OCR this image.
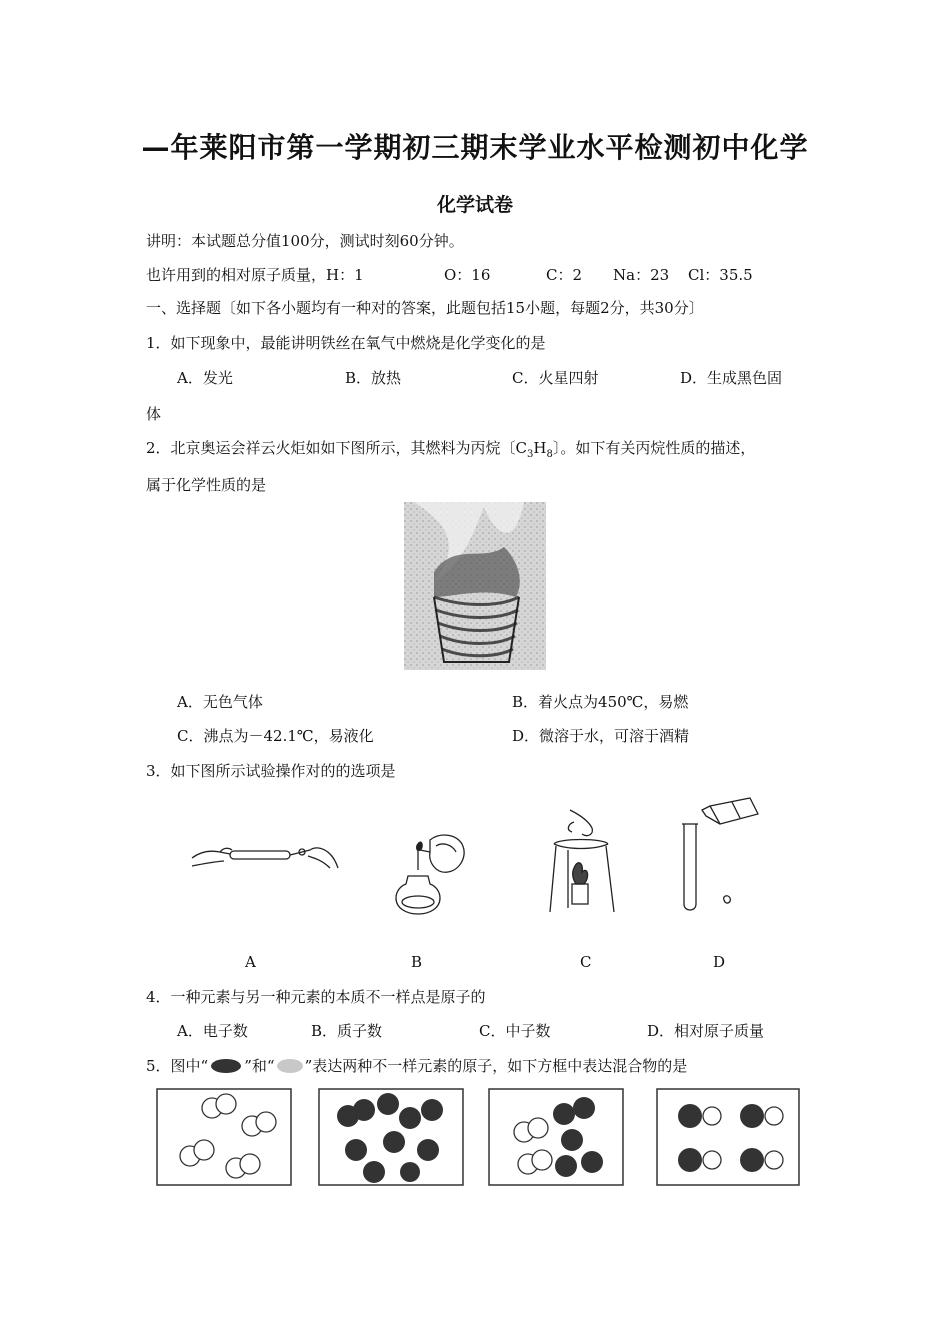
—年莱阳市第一学期初三期末学业水平检测初中化学
化学试卷
讲明：本试题总分值100分，测试时刻60分钟。
也许用到的相对原子质量，H：1	O：16	C：2 Na：23 Cl：35.5
一、选择题〔如下各小题均有一种对的答案，此题包括15小题，每题2分，共30分〕
1．如下现象中，最能讲明铁丝在氧气中燃烧是化学变化的是
A．发光	B．放热	C．火星四射	D．生成黑色固
体
2．北京奥运会祥云火炬如如下图所示，其燃料为丙烷〔$C_3H_8$〕。如下有关丙烷性质的描述，
属于化学性质的是
A．无色气体	B．着火点为450℃，易燃
C．沸点为－42.1℃，易液化	D．微溶于水，可溶于酒精
3．如下图所示试验操作对的的选项是
A	B	C	D
4．一种元素与另一种元素的本质不一样点是原子的
A．电子数	B．质子数	C．中子数	D．相对原子质量
5．图中“ ”和“ ”表达两种不一样元素的原子，如下方框中表达混合物的是
